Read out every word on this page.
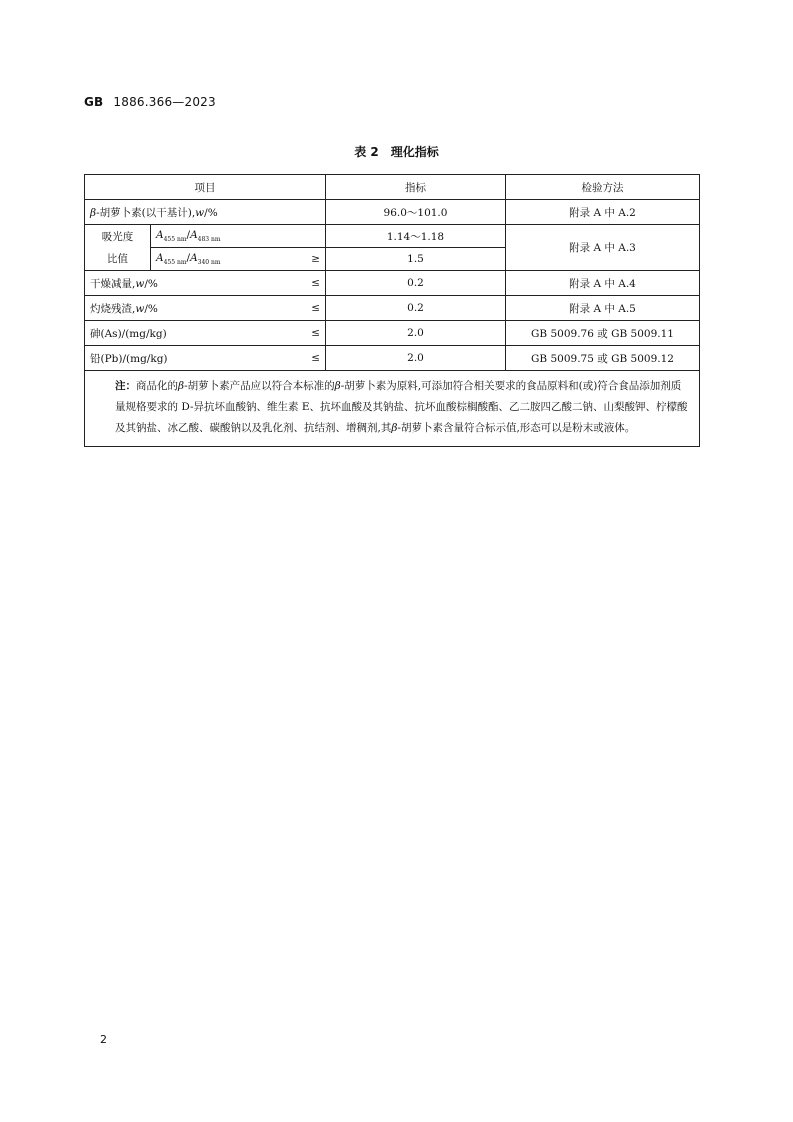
GB 1886.366—2023
表 2 理化指标
项目		指标	检验方法

β-胡萝卜素(以干基计),w/%		96.0～101.0	附录 A 中 A.2

吸光度
比值	$A_{455 nm}/A_{483 nm}$	1.14～1.18	附录 A 中 A.3

	$A_{455 nm}/A_{340 nm}$ ≥	1.5	

干燥减量,w/% ≤		0.2	附录 A 中 A.4

灼烧残渣,w/% ≤		0.2	附录 A 中 A.5

砷(As)/(mg/kg) ≤		2.0	GB 5009.76 或 GB 5009.11

铅(Pb)/(mg/kg) ≤		2.0	GB 5009.75 或 GB 5009.12
注：商品化的β-胡萝卜素产品应以符合本标准的β-胡萝卜素为原料,可添加符合相关要求的食品原料和(或)符合食品添加剂质量规格要求的 D-异抗坏血酸钠、维生素 E、抗坏血酸及其钠盐、抗坏血酸棕榈酸酯、乙二胺四乙酸二钠、山梨酸钾、柠檬酸及其钠盐、冰乙酸、碳酸钠以及乳化剂、抗结剂、增稠剂,其β-胡萝卜素含量符合标示值,形态可以是粉末或液体。			
2
